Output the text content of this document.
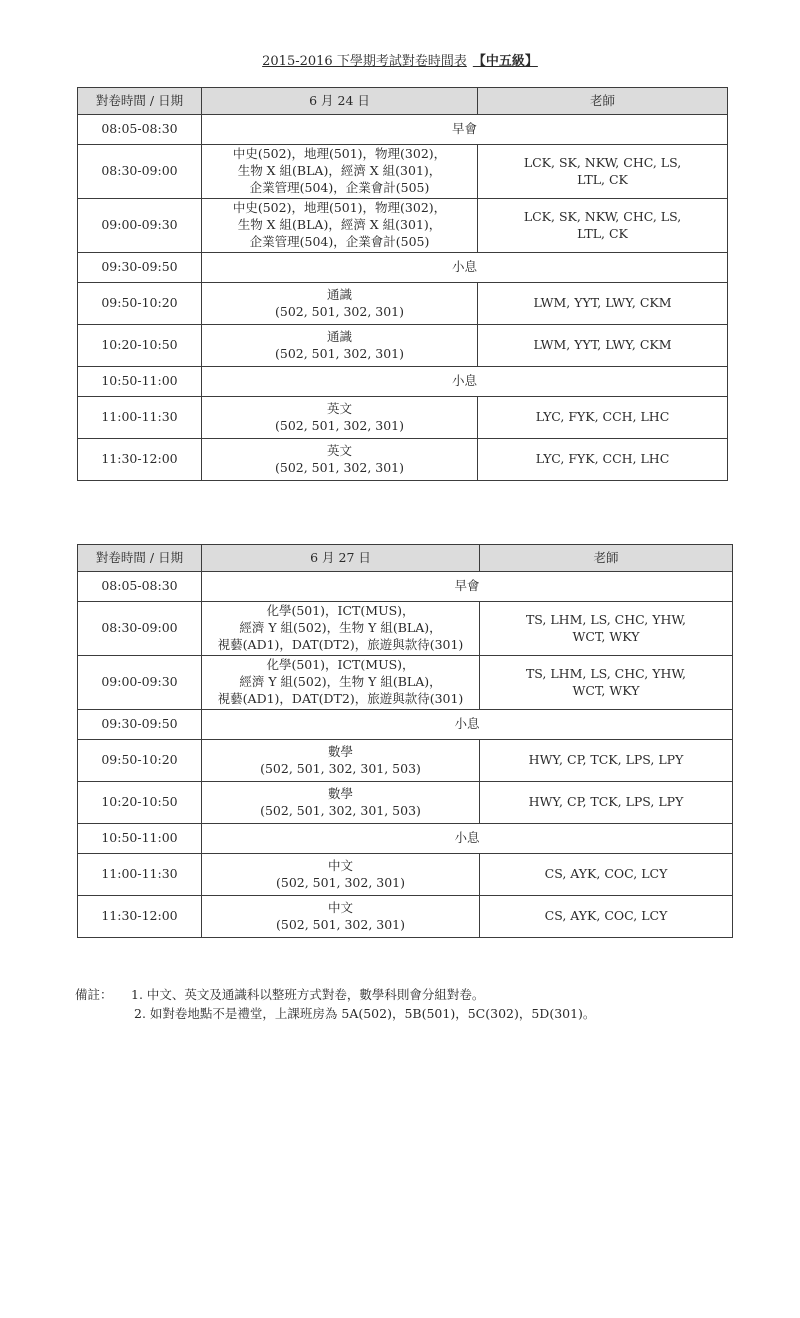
2015-2016 下學期考試對卷時間表 【中五級】
對卷時間 / 日期	6 月 24 日	老師
08:05-08:30	早會	
08:30-09:00	中史(502)，地理(501)，物理(302)，
生物 X 組(BLA)，經濟 X 組(301)，
企業管理(504)，企業會計(505)	LCK, SK, NKW, CHC, LS,
LTL, CK

09:00-09:30	中史(502)，地理(501)，物理(302)，
生物 X 組(BLA)，經濟 X 組(301)，
企業管理(504)，企業會計(505)	LCK, SK, NKW, CHC, LS,
LTL, CK

09:30-09:50	小息	
09:50-10:20	通識
(502, 501, 302, 301)	LWM, YYT, LWY, CKM

10:20-10:50	通識
(502, 501, 302, 301)	LWM, YYT, LWY, CKM

10:50-11:00	小息	
11:00-11:30	英文
(502, 501, 302, 301)	LYC, FYK, CCH, LHC

11:30-12:00	英文
(502, 501, 302, 301)	LYC, FYK, CCH, LHC
對卷時間 / 日期	6 月 27 日	老師
08:05-08:30	早會	
08:30-09:00	化學(501)，ICT(MUS)，
經濟 Y 組(502)，生物 Y 組(BLA)，
視藝(AD1)，DAT(DT2)，旅遊與款待(301)	TS, LHM, LS, CHC, YHW,
WCT, WKY

09:00-09:30	化學(501)，ICT(MUS)，
經濟 Y 組(502)，生物 Y 組(BLA)，
視藝(AD1)，DAT(DT2)，旅遊與款待(301)	TS, LHM, LS, CHC, YHW,
WCT, WKY

09:30-09:50	小息	
09:50-10:20	數學
(502, 501, 302, 301, 503)	HWY, CP, TCK, LPS, LPY

10:20-10:50	數學
(502, 501, 302, 301, 503)	HWY, CP, TCK, LPS, LPY

10:50-11:00	小息	
11:00-11:30	中文
(502, 501, 302, 301)	CS, AYK, COC, LCY

11:30-12:00	中文
(502, 501, 302, 301)	CS, AYK, COC, LCY
備註： 1. 中文、英文及通識科以整班方式對卷，數學科則會分組對卷。
2. 如對卷地點不是禮堂，上課班房為 5A(502)，5B(501)，5C(302)，5D(301)。
